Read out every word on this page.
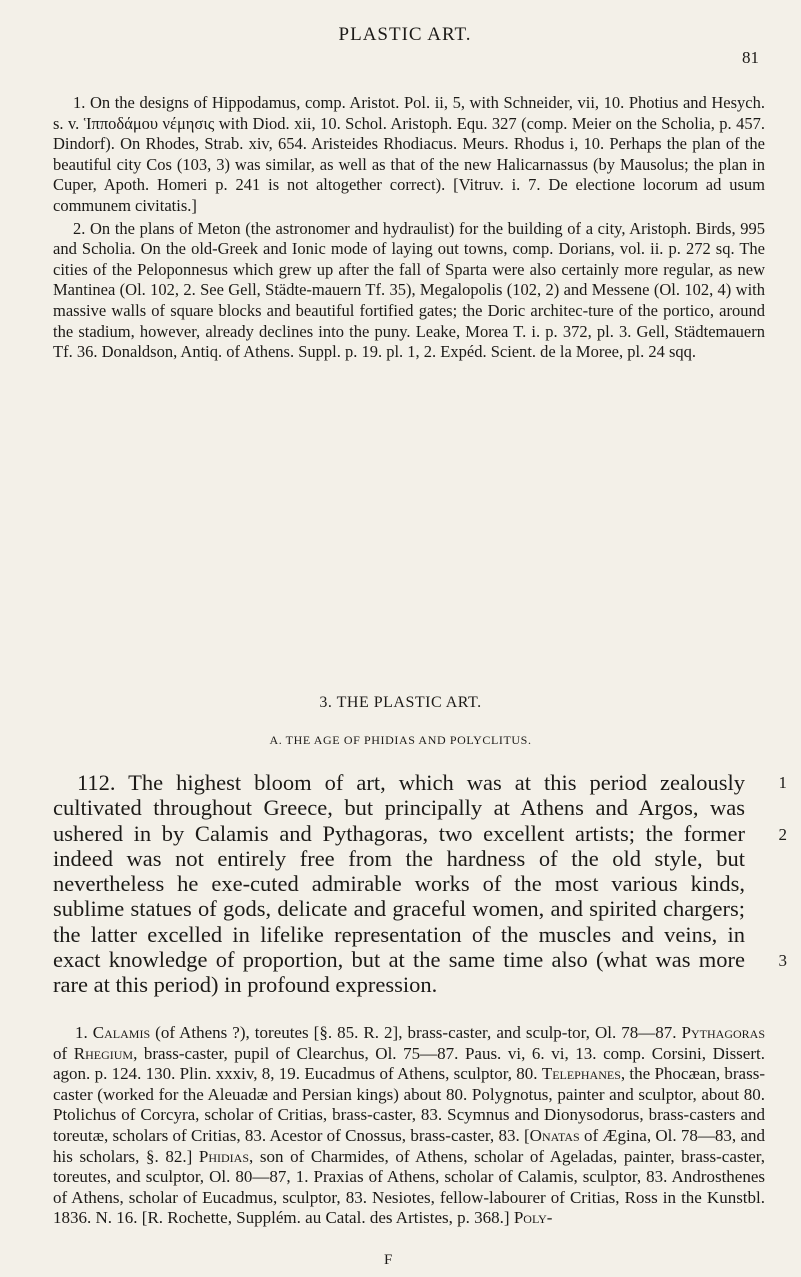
PLASTIC ART.
81

1. On the designs of Hippodamus, comp. Aristot. Pol. ii, 5, with Schneider, vii, 10. Photius and Hesych. s. v. Ἱπποδάμου νέμησις with Diod. xii, 10. Schol. Aristoph. Equ. 327 (comp. Meier on the Scholia, p. 457. Dindorf). On Rhodes, Strab. xiv, 654. Aristeides Rhodiacus. Meurs. Rhodus i, 10. Perhaps the plan of the beautiful city Cos (103, 3) was similar, as well as that of the new Halicarnassus (by Mausolus; the plan in Cuper, Apoth. Homeri p. 241 is not altogether correct). [Vitruv. i. 7. De electione locorum ad usum communem civitatis.]

2. On the plans of Meton (the astronomer and hydraulist) for the building of a city, Aristoph. Birds, 995 and Scholia. On the old-Greek and Ionic mode of laying out towns, comp. Dorians, vol. ii. p. 272 sq. The cities of the Peloponnesus which grew up after the fall of Sparta were also certainly more regular, as new Mantinea (Ol. 102, 2. See Gell, Städte-mauern Tf. 35), Megalopolis (102, 2) and Messene (Ol. 102, 4) with massive walls of square blocks and beautiful fortified gates; the Doric architec-ture of the portico, around the stadium, however, already declines into the puny. Leake, Morea T. i. p. 372, pl. 3. Gell, Städtemauern Tf. 36. Donaldson, Antiq. of Athens. Suppl. p. 19. pl. 1, 2. Expéd. Scient. de la Moree, pl. 24 sqq.

3. THE PLASTIC ART.
A. THE AGE OF PHIDIAS AND POLYCLITUS.
112. The highest bloom of art, which was at this period zealously cultivated throughout Greece, but principally at Athens and Argos, was ushered in by Calamis and Pythagoras, two excellent artists; the former indeed was not entirely free from the hardness of the old style, but nevertheless he exe-cuted admirable works of the most various kinds, sublime statues of gods, delicate and graceful women, and spirited chargers; the latter excelled in lifelike representation of the muscles and veins, in exact knowledge of proportion, but at the same time also (what was more rare at this period) in profound expression.
1
2
3
1. Calamis (of Athens ?), toreutes [§. 85. R. 2], brass-caster, and sculp-tor, Ol. 78—87. Pythagoras of Rhegium, brass-caster, pupil of Clearchus, Ol. 75—87. Paus. vi, 6. vi, 13. comp. Corsini, Dissert. agon. p. 124. 130. Plin. xxxiv, 8, 19. Eucadmus of Athens, sculptor, 80. Telephanes, the Phocæan, brass-caster (worked for the Aleuadæ and Persian kings) about 80. Polygnotus, painter and sculptor, about 80. Ptolichus of Corcyra, scholar of Critias, brass-caster, 83. Scymnus and Dionysodorus, brass-casters and toreutæ, scholars of Critias, 83. Acestor of Cnossus, brass-caster, 83. [Onatas of Ægina, Ol. 78—83, and his scholars, §. 82.] Phidias, son of Charmides, of Athens, scholar of Ageladas, painter, brass-caster, toreutes, and sculptor, Ol. 80—87, 1. Praxias of Athens, scholar of Calamis, sculptor, 83. Androsthenes of Athens, scholar of Eucadmus, sculptor, 83. Nesiotes, fellow-labourer of Critias, Ross in the Kunstbl. 1836. N. 16. [R. Rochette, Supplém. au Catal. des Artistes, p. 368.] Poly-
F
